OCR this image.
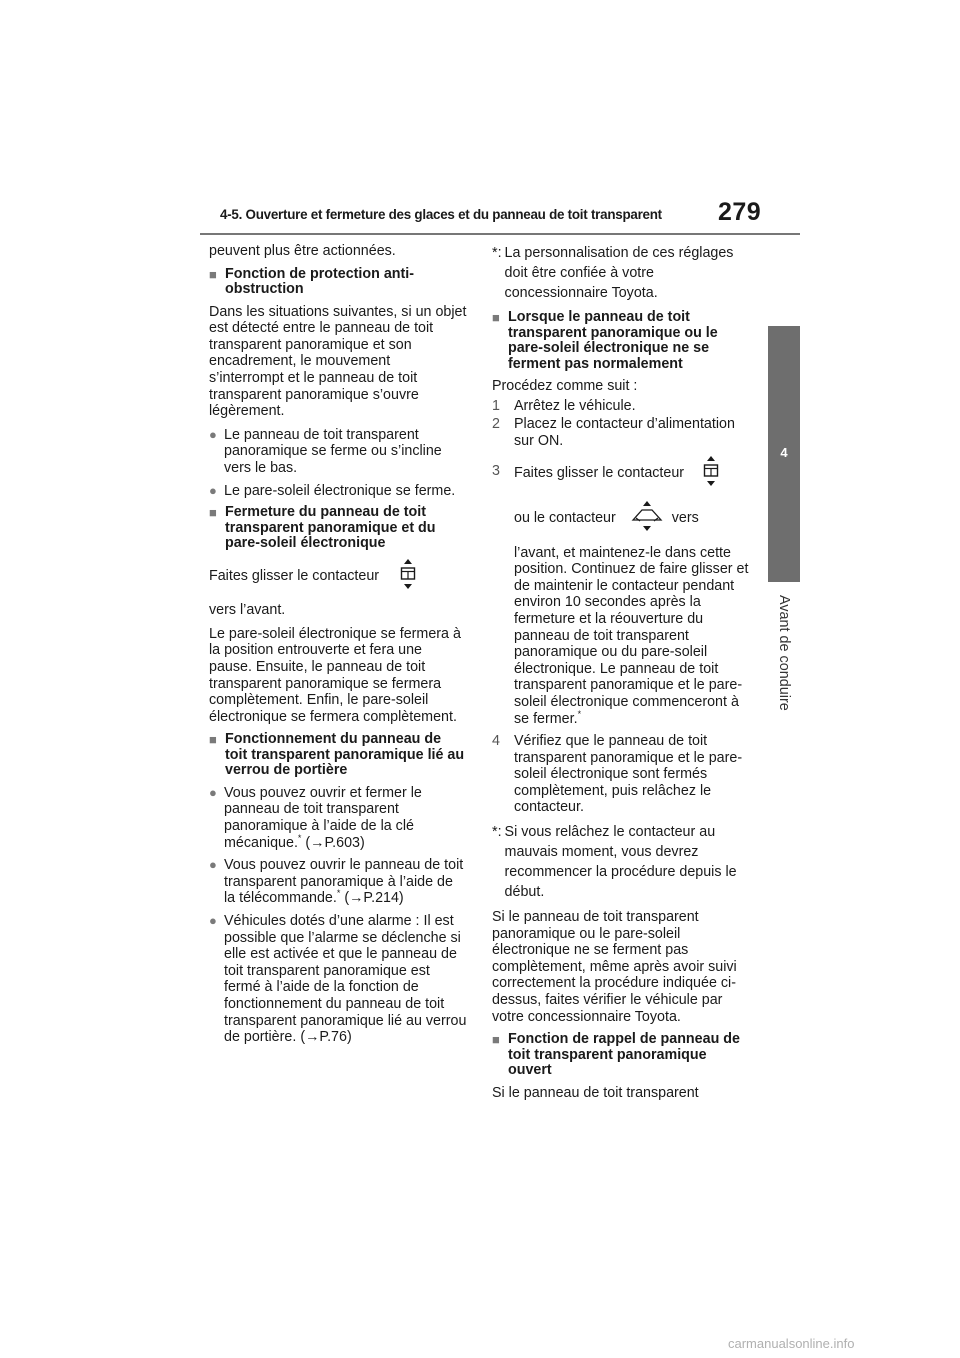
4-5. Ouverture et fermeture des glaces et du panneau de toit transparent	279
4
Avant de conduire

peuvent plus être actionnées.

■ Fonction de protection anti-obstruction

Dans les situations suivantes, si un objet est détecté entre le panneau de toit transparent panoramique et son encadrement, le mouvement s’interrompt et le panneau de toit transparent panoramique s’ouvre légèrement.

● Le panneau de toit transparent panoramique se ferme ou s’incline vers le bas.
● Le pare-soleil électronique se ferme.
■ Fermeture du panneau de toit transparent panoramique et du pare-soleil électronique
Faites glisser le contacteur

vers l’avant.

Le pare-soleil électronique se fermera à la position entrouverte et fera une pause. Ensuite, le panneau de toit transparent panoramique se fermera complètement. Enfin, le pare-soleil électronique se fermera complètement.

■ Fonctionnement du panneau de toit transparent panoramique lié au verrou de portière
● Vous pouvez ouvrir et fermer le panneau de toit transparent panoramique à l’aide de la clé mécanique.* (→P.603)
● Vous pouvez ouvrir le panneau de toit transparent panoramique à l’aide de la télécommande.* (→P.214)
● Véhicules dotés d’une alarme : Il est possible que l’alarme se déclenche si elle est activée et que le panneau de toit transparent panoramique est fermé à l’aide de la fonction de fonctionnement du panneau de toit transparent panoramique lié au verrou de portière. (→P.76)
*: La personnalisation de ces réglages doit être confiée à votre concessionnaire Toyota.
■ Lorsque le panneau de toit transparent panoramique ou le pare-soleil électronique ne se ferment pas normalement

Procédez comme suit :

1 Arrêtez le véhicule.
2 Placez le contacteur d’alimentation sur ON.
3 Faites glisser le contacteur
ou le contacteur	vers
l’avant, et maintenez-le dans cette position. Continuez de faire glisser et de maintenir le contacteur pendant environ 10 secondes après la fermeture et la réouverture du panneau de toit transparent panoramique ou du pare-soleil électronique. Le panneau de toit transparent panoramique et le pare-soleil électronique commenceront à se fermer.*
4 Vérifiez que le panneau de toit transparent panoramique et le pare-soleil électronique sont fermés complètement, puis relâchez le contacteur.
*: Si vous relâchez le contacteur au mauvais moment, vous devrez recommencer la procédure depuis le début.

Si le panneau de toit transparent panoramique ou le pare-soleil électronique ne se ferment pas complètement, même après avoir suivi correctement la procédure indiquée ci-dessus, faites vérifier le véhicule par votre concessionnaire Toyota.

■ Fonction de rappel de panneau de toit transparent panoramique ouvert

Si le panneau de toit transparent

carmanualsonline.info
